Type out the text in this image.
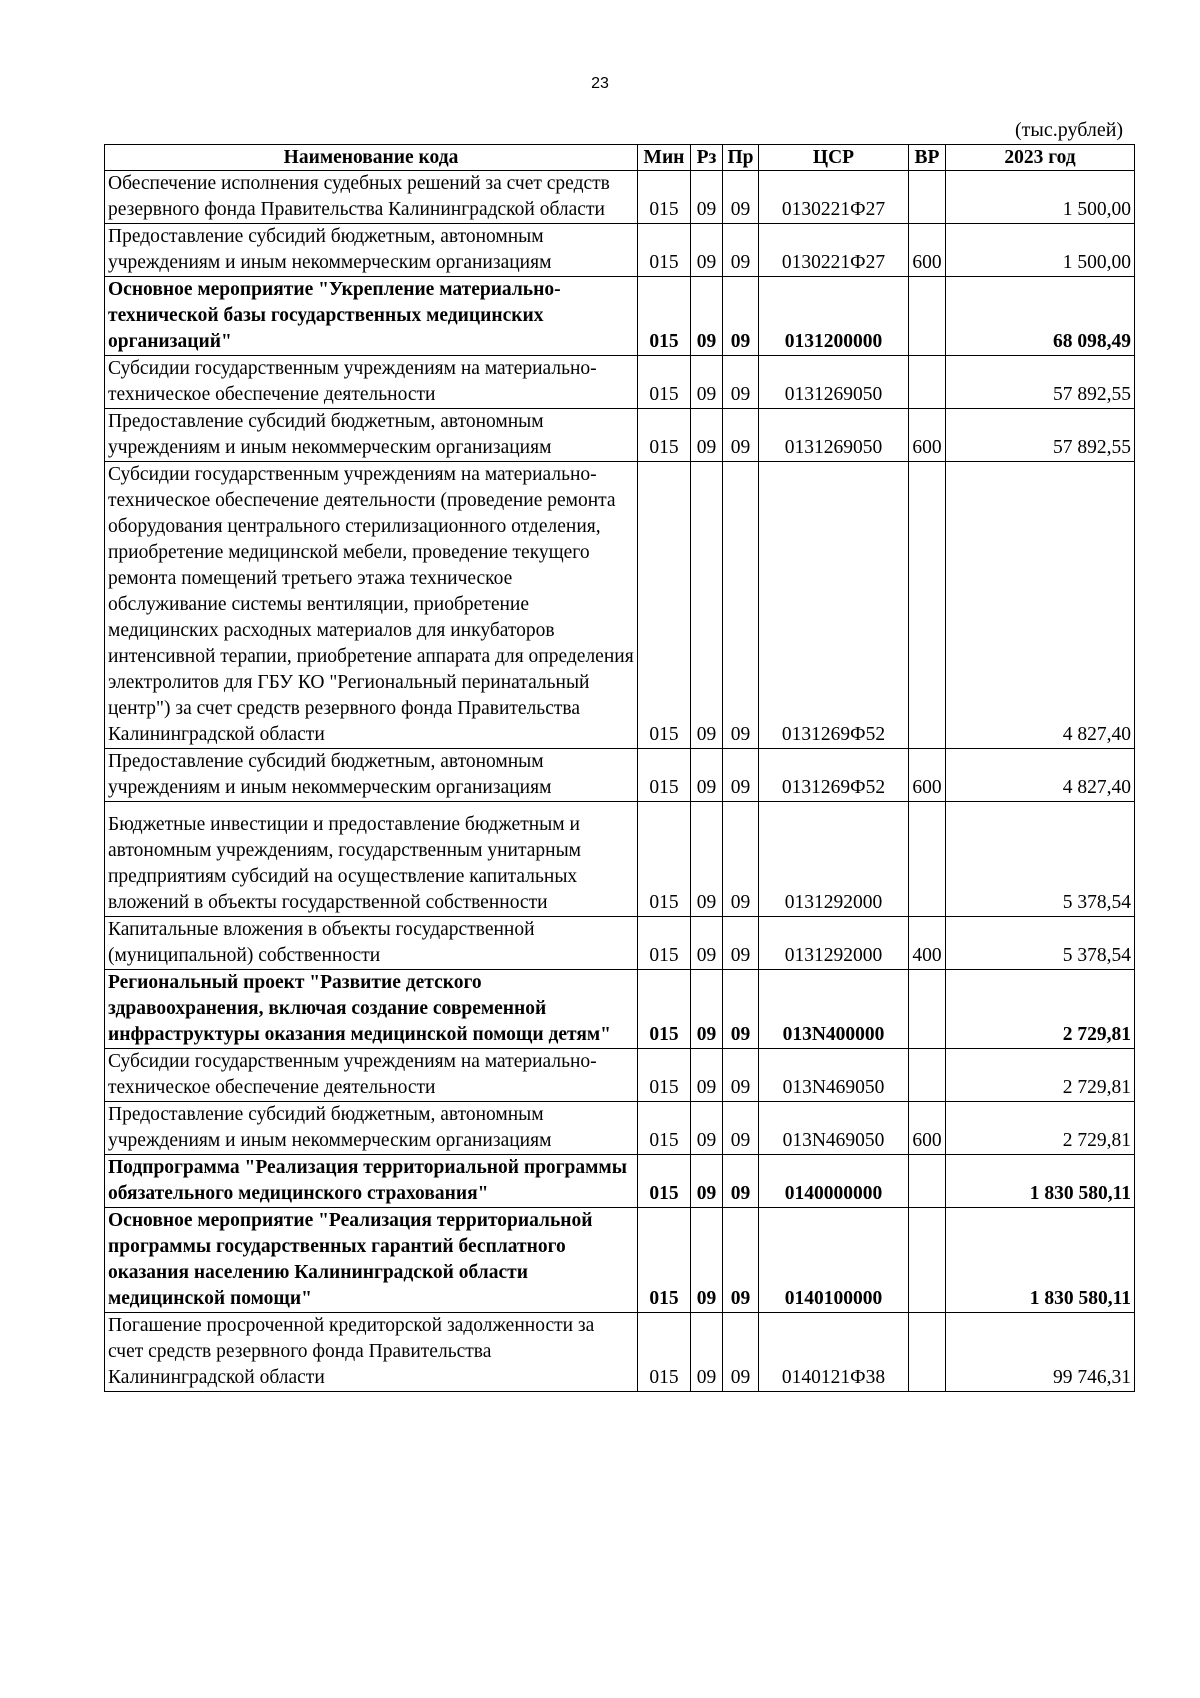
23
(тыс.рублей)
Наименование кода	Мин	Рз	Пр	ЦСР	ВР	2023 год
Обеспечение исполнения судебных решений за счет средств резервного фонда Правительства Калининградской области	015	09	09	0130221Ф27		1 500,00
Предоставление субсидий бюджетным, автономным учреждениям и иным некоммерческим организациям	015	09	09	0130221Ф27	600	1 500,00
Основное мероприятие "Укрепление материально-технической базы государственных медицинских организаций"	015	09	09	0131200000		68 098,49
Субсидии государственным учреждениям на материально-техническое обеспечение деятельности	015	09	09	0131269050		57 892,55
Предоставление субсидий бюджетным, автономным учреждениям и иным некоммерческим организациям	015	09	09	0131269050	600	57 892,55
Субсидии государственным учреждениям на материально-техническое обеспечение деятельности (проведение ремонта оборудования центрального стерилизационного отделения, приобретение медицинской мебели, проведение текущего ремонта помещений третьего этажа техническое обслуживание системы вентиляции, приобретение медицинских расходных материалов для инкубаторов интенсивной терапии, приобретение аппарата для определения электролитов для ГБУ КО "Региональный перинатальный центр") за счет средств резервного фонда Правительства Калининградской области	015	09	09	0131269Ф52		4 827,40
Предоставление субсидий бюджетным, автономным учреждениям и иным некоммерческим организациям	015	09	09	0131269Ф52	600	4 827,40
Бюджетные инвестиции и предоставление бюджетным и автономным учреждениям, государственным унитарным предприятиям субсидий на осуществление капитальных вложений в объекты государственной собственности	015	09	09	0131292000		5 378,54
Капитальные вложения в объекты государственной (муниципальной) собственности	015	09	09	0131292000	400	5 378,54
Региональный проект "Развитие детского здравоохранения, включая создание современной инфраструктуры оказания медицинской помощи детям"	015	09	09	013N400000		2 729,81
Субсидии государственным учреждениям на материально-техническое обеспечение деятельности	015	09	09	013N469050		2 729,81
Предоставление субсидий бюджетным, автономным учреждениям и иным некоммерческим организациям	015	09	09	013N469050	600	2 729,81
Подпрограмма "Реализация территориальной программы обязательного медицинского страхования"	015	09	09	0140000000		1 830 580,11
Основное мероприятие "Реализация территориальной программы государственных гарантий бесплатного оказания населению Калининградской области медицинской помощи"	015	09	09	0140100000		1 830 580,11
Погашение просроченной кредиторской задолженности за счет средств резервного фонда Правительства Калининградской области	015	09	09	0140121Ф38		99 746,31
